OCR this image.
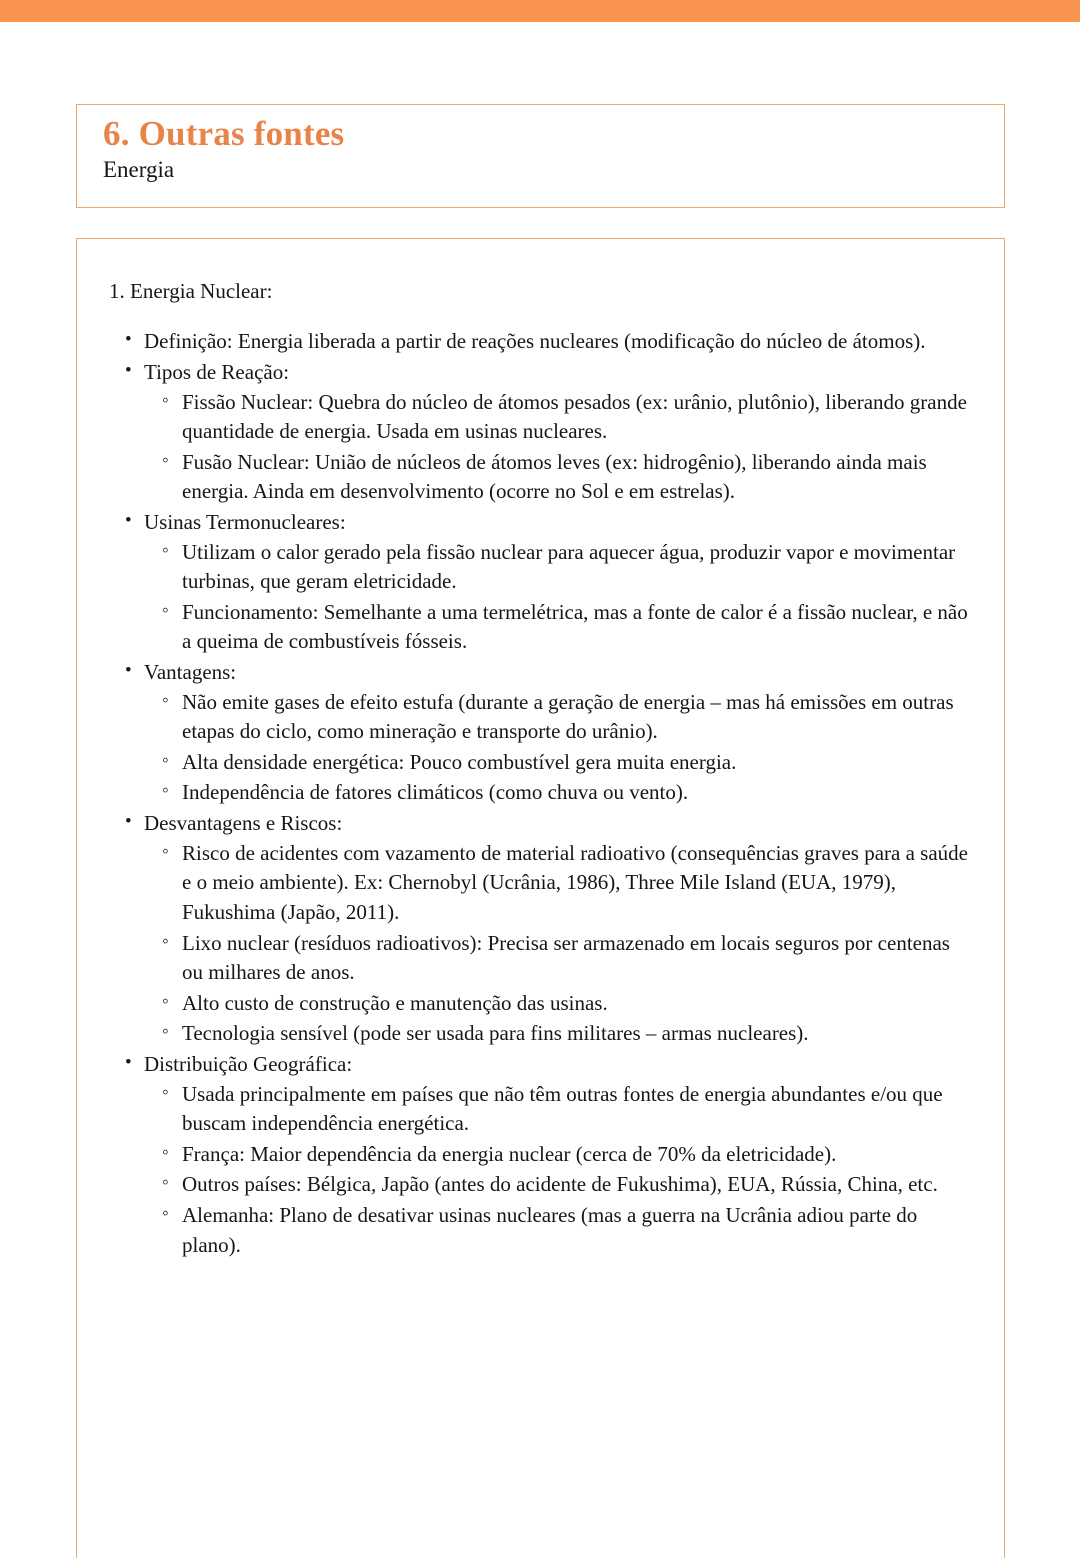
6. Outras fontes
Energia
1. Energia Nuclear:
• Definição: Energia liberada a partir de reações nucleares (modificação do núcleo de átomos).
• Tipos de Reação:
◦ Fissão Nuclear: Quebra do núcleo de átomos pesados (ex: urânio, plutônio), liberando grande quantidade de energia. Usada em usinas nucleares.
◦ Fusão Nuclear: União de núcleos de átomos leves (ex: hidrogênio), liberando ainda mais energia. Ainda em desenvolvimento (ocorre no Sol e em estrelas).
• Usinas Termonucleares:
◦ Utilizam o calor gerado pela fissão nuclear para aquecer água, produzir vapor e movimentar turbinas, que geram eletricidade.
◦ Funcionamento: Semelhante a uma termelétrica, mas a fonte de calor é a fissão nuclear, e não a queima de combustíveis fósseis.
• Vantagens:
◦ Não emite gases de efeito estufa (durante a geração de energia – mas há emissões em outras etapas do ciclo, como mineração e transporte do urânio).
◦ Alta densidade energética: Pouco combustível gera muita energia.
◦ Independência de fatores climáticos (como chuva ou vento).
• Desvantagens e Riscos:
◦ Risco de acidentes com vazamento de material radioativo (consequências graves para a saúde e o meio ambiente). Ex: Chernobyl (Ucrânia, 1986), Three Mile Island (EUA, 1979), Fukushima (Japão, 2011).
◦ Lixo nuclear (resíduos radioativos): Precisa ser armazenado em locais seguros por centenas ou milhares de anos.
◦ Alto custo de construção e manutenção das usinas.
◦ Tecnologia sensível (pode ser usada para fins militares – armas nucleares).
• Distribuição Geográfica:
◦ Usada principalmente em países que não têm outras fontes de energia abundantes e/ou que buscam independência energética.
◦ França: Maior dependência da energia nuclear (cerca de 70% da eletricidade).
◦ Outros países: Bélgica, Japão (antes do acidente de Fukushima), EUA, Rússia, China, etc.
◦ Alemanha: Plano de desativar usinas nucleares (mas a guerra na Ucrânia adiou parte do plano).
